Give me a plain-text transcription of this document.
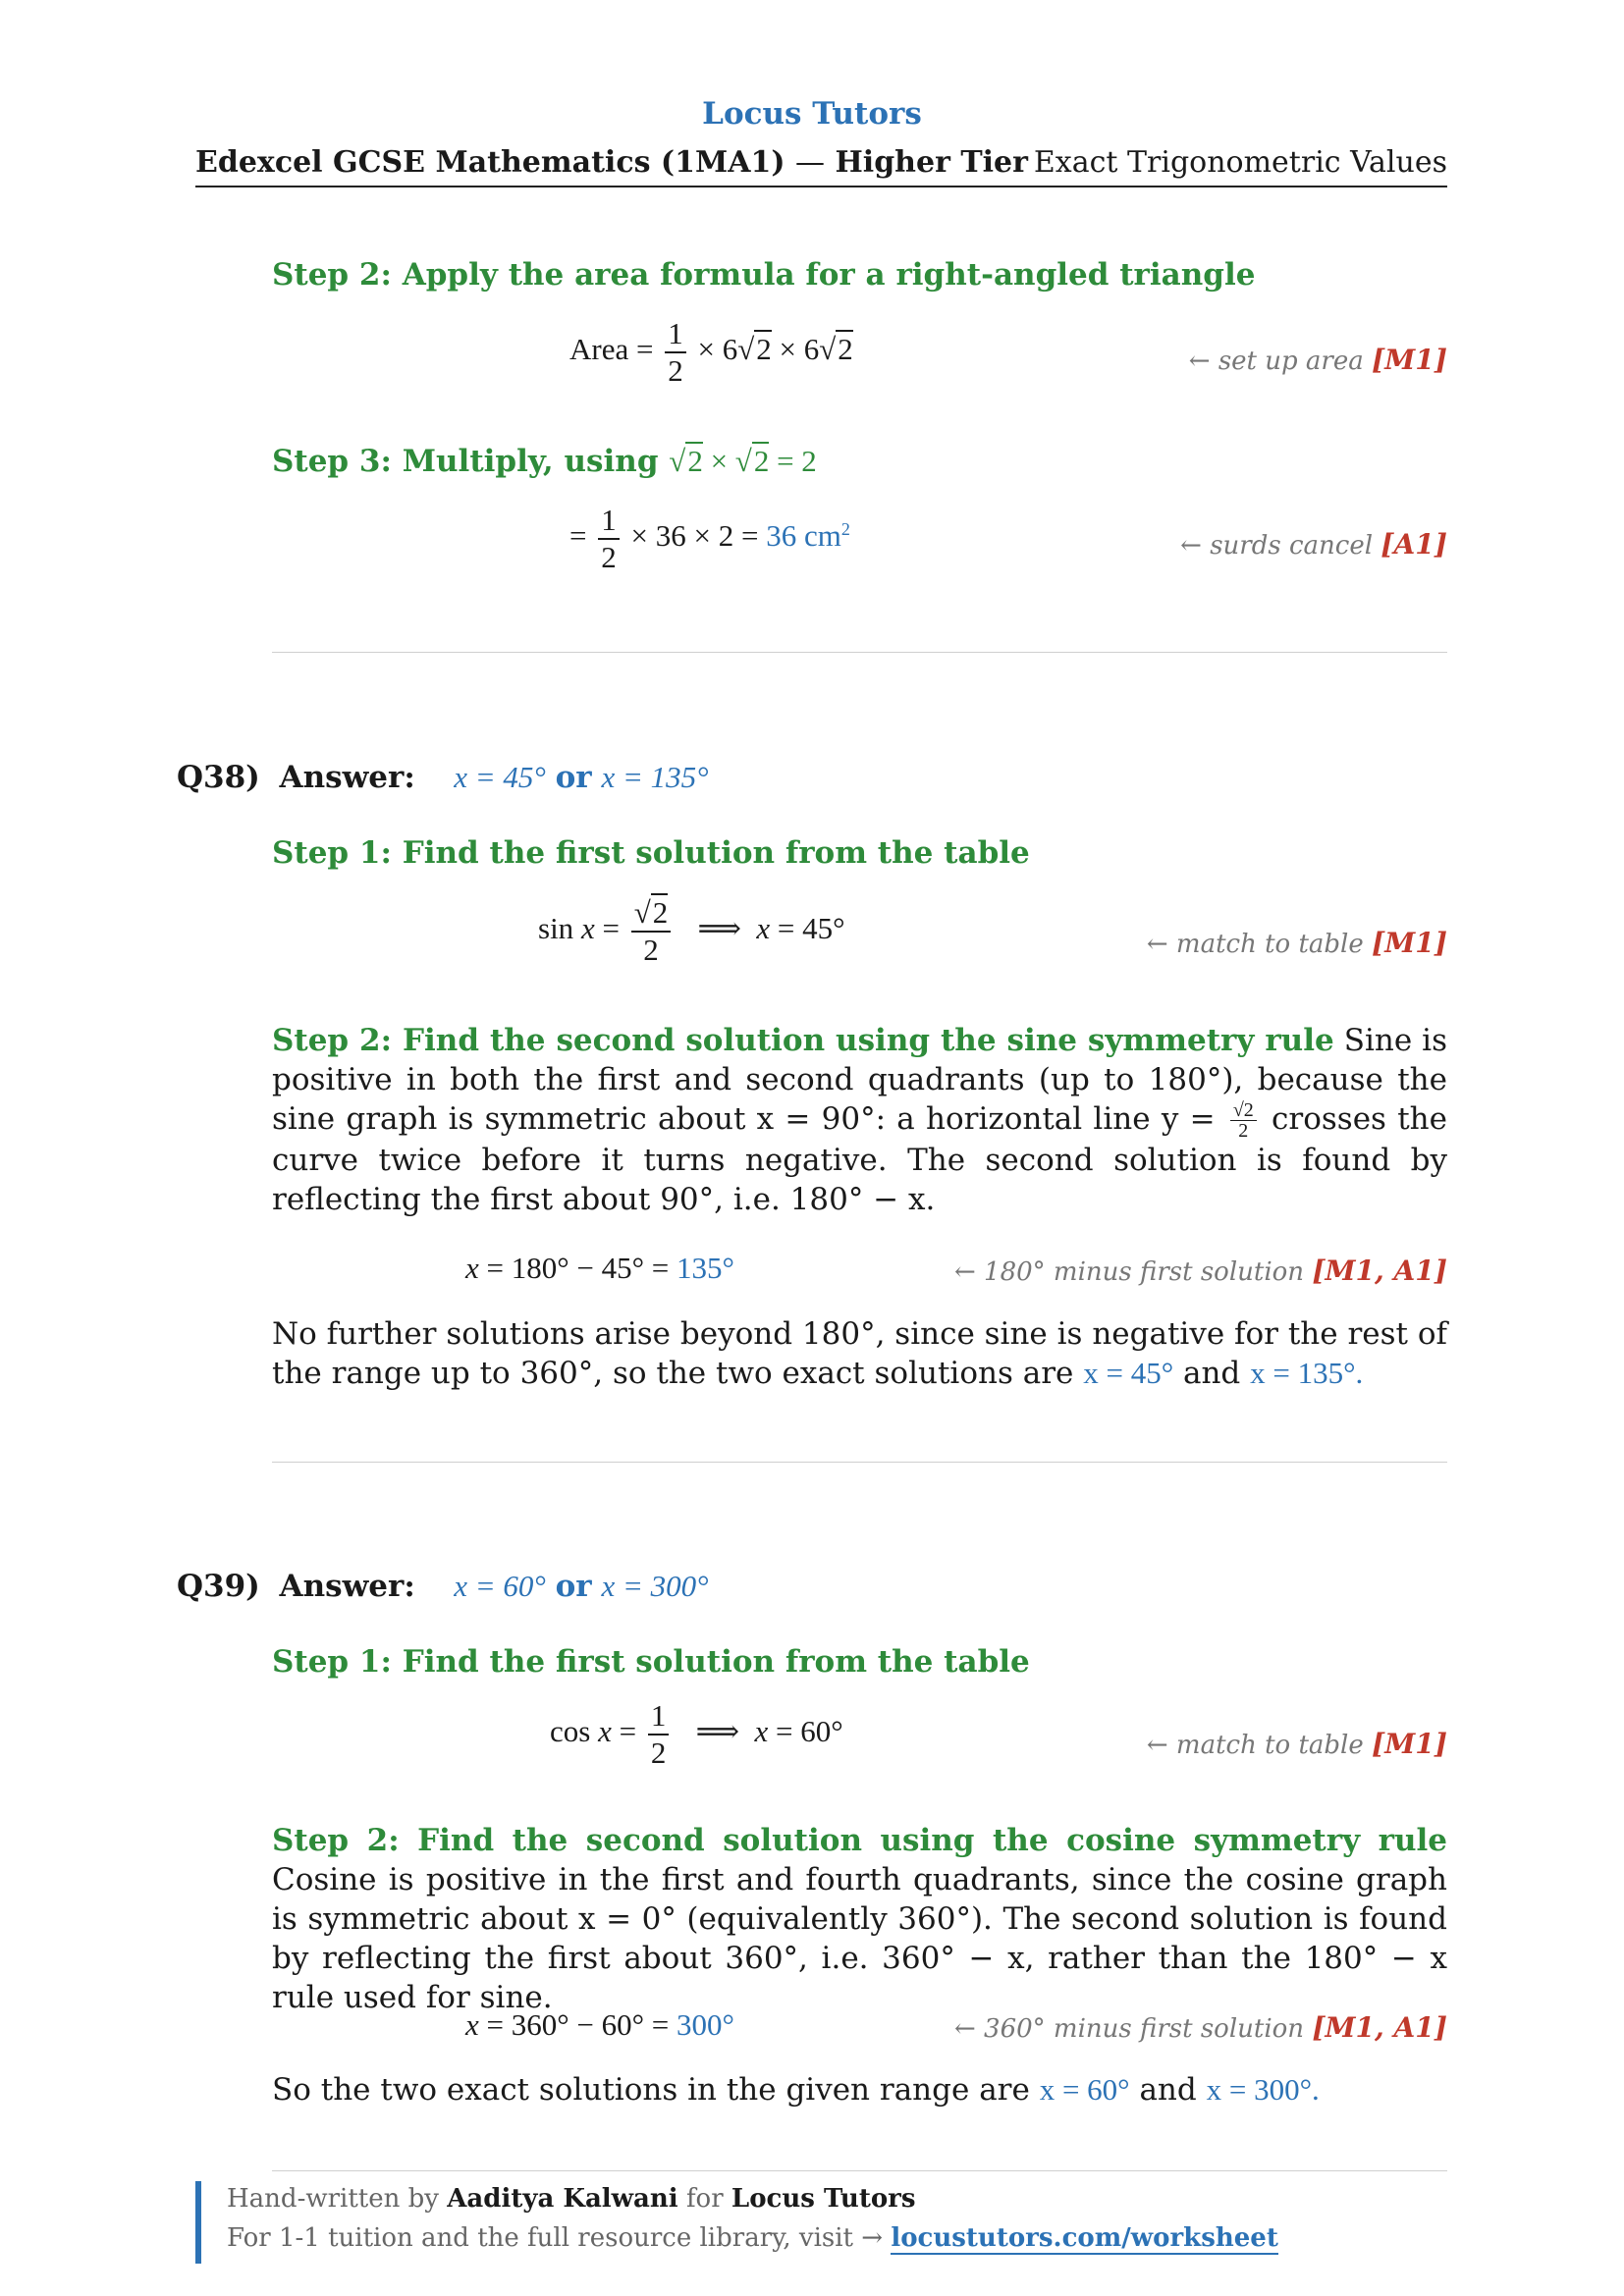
Locus Tutors
Edexcel GCSE Mathematics (1MA1) — Higher Tier Exact Trigonometric Values
Step 2: Apply the area formula for a right-angled triangle
Area = $\frac{1}{2} \times 6√2 \times 6√2$	← set up area [M1]
Step 3: Multiply, using √2 × √2 = 2
= $\frac{1}{2} \times 36 \times 2 = 36$ $cm^2$
← surds cancel [A1]
Q38) Answer: x = 45° or x = 135°
Step 1: Find the first solution from the table
$\sin x = \frac{√2}{2}$ ⟹  x = 45°	← match to table [M1]
Step 2: Find the second solution using the sine symmetry rule Sine is positive in both the first and second quadrants (up to 180°), because the sine graph is symmetric about x = 90°: a horizontal line $y = \frac{√2}{2}$ crosses the curve twice before it turns negative. The second solution is found by reflecting the first about 90°, i.e. 180° − x.
x = 180° − 45° = 135°	← 180° minus first solution [M1, A1]
No further solutions arise beyond 180°, since sine is negative for the rest of the range up to 360°, so the two exact solutions are x = 45° and x = 135°.
Q39) Answer: x = 60° or x = 300°
Step 1: Find the first solution from the table
$\cos x = \frac{1}{2}$ ⟹  x = 60°	← match to table [M1]
Step 2: Find the second solution using the cosine symmetry rule Cosine is positive in the first and fourth quadrants, since the cosine graph is symmetric about x = 0° (equivalently 360°). The second solution is found by reflecting the first about 360°, i.e. 360° − x, rather than the 180° − x rule used for sine.
x = 360° − 60° = 300°	← 360° minus first solution [M1, A1]
So the two exact solutions in the given range are x = 60° and x = 300°.
Hand-written by Aaditya Kalwani for Locus Tutors
For 1-1 tuition and the full resource library, visit → locustutors.com/worksheet
